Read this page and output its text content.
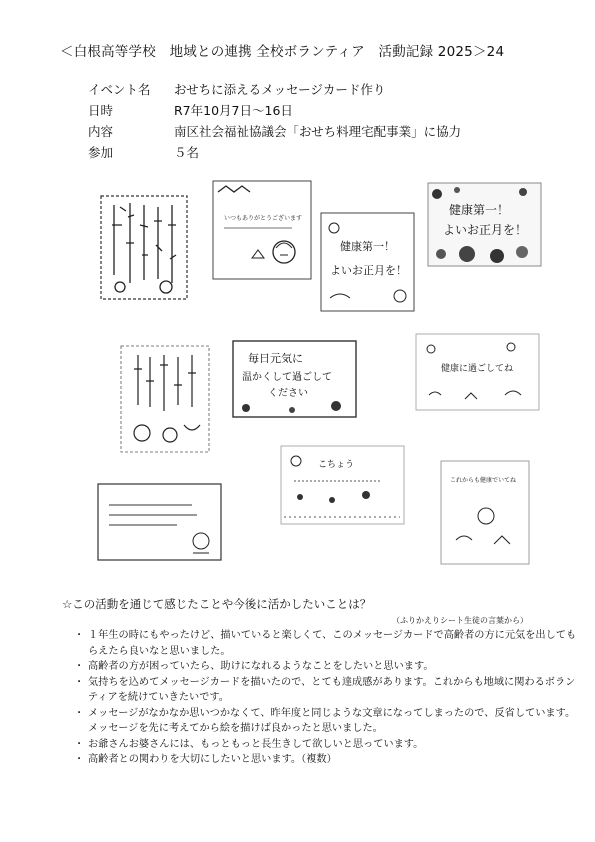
＜白根高等学校　地域との連携 全校ボランティア　活動記録 2025＞24
イベント名 おせちに添えるメッセージカード作り
日時	R7年10月7日～16日
内容	南区社会福祉協議会「おせち料理宅配事業」に協力
参加	５名
いつもありがとうございます
健康第一！
よいお正月を！
健康第一！
よいお正月を！
毎日元気に
温かくして過ごして
ください
健康に過ごしてね
こちょう
これからも健康でいてね
☆この活動を通じて感じたことや今後に活かしたいことは？
（ふりかえりシート生徒の言葉から）
・ １年生の時にもやったけど、描いていると楽しくて、このメッセージカードで高齢者の方に元気を出してもらえたら良いなと思いました。
・ 高齢者の方が困っていたら、助けになれるようなことをしたいと思います。
・ 気持ちを込めてメッセージカードを描いたので、とても達成感があります。これからも地域に関わるボランティアを続けていきたいです。
・ メッセージがなかなか思いつかなくて、昨年度と同じような文章になってしまったので、反省しています。メッセージを先に考えてから絵を描けば良かったと思いました。
・ お爺さんお婆さんには、もっともっと長生きして欲しいと思っています。
・ 高齢者との関わりを大切にしたいと思います。（複数）
